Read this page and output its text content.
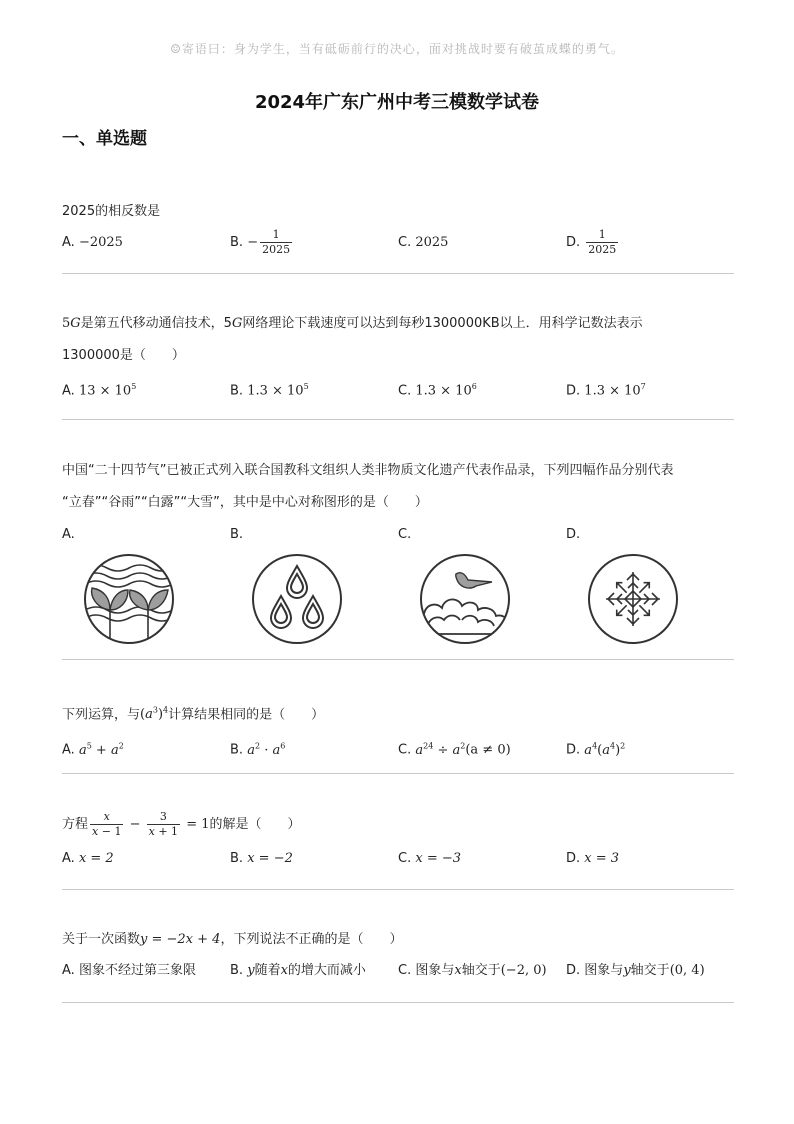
☺寄语曰：身为学生，当有砥砺前行的决心，面对挑战时要有破茧成蝶的勇气。
2024年广东广州中考三模数学试卷
一、单选题
2025的相反数是
A. −2025	B. − $\frac{1}{2025}$	C. 2025	D. $\frac{1}{2025}$
5G是第五代移动通信技术，5G网络理论下载速度可以达到每秒1300000KB以上．用科学记数法表示
1300000是（　　）
A. $13 \times 10^5$	B. $1.3 \times 10^5$	C. $1.3 \times 10^6$	D. $1.3 \times 10^7$
中国“二十四节气”已被正式列入联合国教科文组织人类非物质文化遗产代表作品录，下列四幅作品分别代表
“立春”“谷雨”“白露”“大雪”，其中是中心对称图形的是（　　）
A.	B.	C.	D.
下列运算，与$(a^3)^4$计算结果相同的是（　　）
A. $a^5 + a^2$	B. $a^2 \cdot a^6$	C. $a^{24} \div a^2(a \ne 0)$	D. $a^4(a^4)^2$
方程 $\frac{x}{x - 1} - \frac{3}{x + 1} = 1$的解是（　　）
A. x = 2	B. x = −2	C. x = −3	D. x = 3
关于一次函数y = −2x + 4，下列说法不正确的是（　　）
A. 图象不经过第三象限	B. y随着x的增大而减小 C. 图象与x轴交于(−2, 0) D. 图象与y轴交于(0, 4)
